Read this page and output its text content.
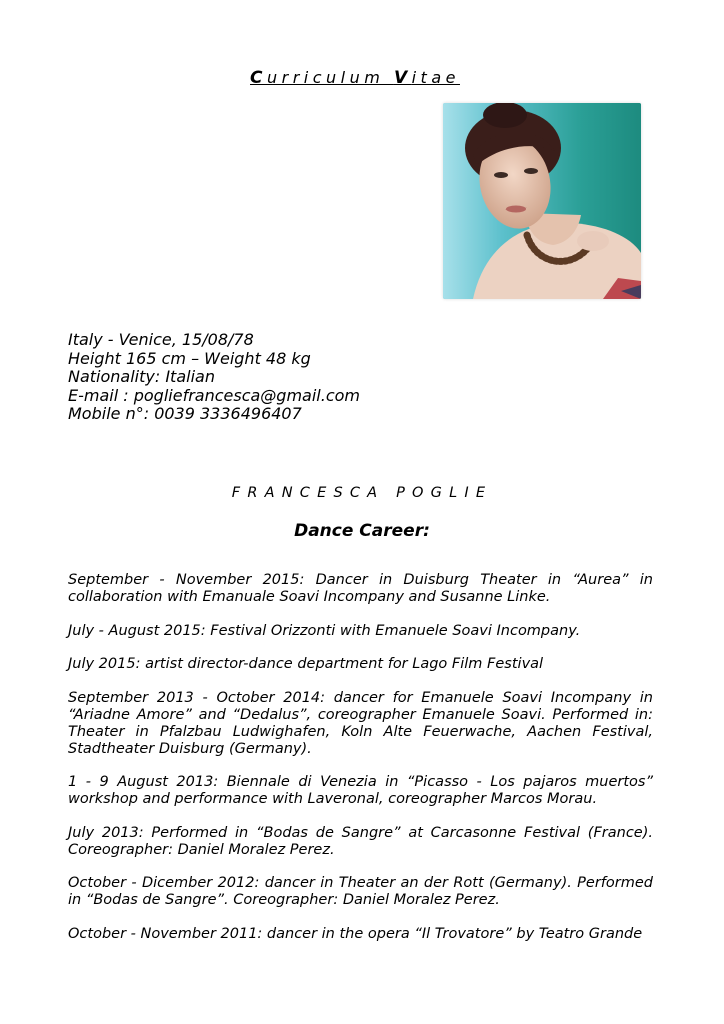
Curriculum Vitae
Italy - Venice, 15/08/78
Height 165 cm – Weight 48 kg
Nationality: Italian
E-mail : pogliefrancesca@gmail.com
Mobile n°: 0039 3336496407
FRANCESCA POGLIE
Dance Career:

September - November 2015: Dancer in Duisburg Theater in “Aurea” in collaboration with Emanuale Soavi Incompany and Susanne Linke.

July - August 2015: Festival Orizzonti with Emanuele Soavi Incompany.

July 2015: artist director-dance department for Lago Film Festival

September 2013 - October 2014: dancer for Emanuele Soavi Incompany in “Ariadne Amore” and “Dedalus”, coreographer Emanuele Soavi. Performed in: Theater in Pfalzbau Ludwighafen, Koln Alte Feuerwache, Aachen Festival, Stadtheater Duisburg (Germany).

1 - 9 August 2013: Biennale di Venezia in “Picasso - Los pajaros muertos” workshop and performance with Laveronal, coreographer Marcos Morau.

July 2013: Performed in “Bodas de Sangre” at Carcasonne Festival (France). Coreographer: Daniel Moralez Perez.

October - Dicember 2012: dancer in Theater an der Rott (Germany). Performed in “Bodas de Sangre”. Coreographer: Daniel Moralez Perez.

October - November 2011: dancer in the opera “Il Trovatore” by Teatro Grande
